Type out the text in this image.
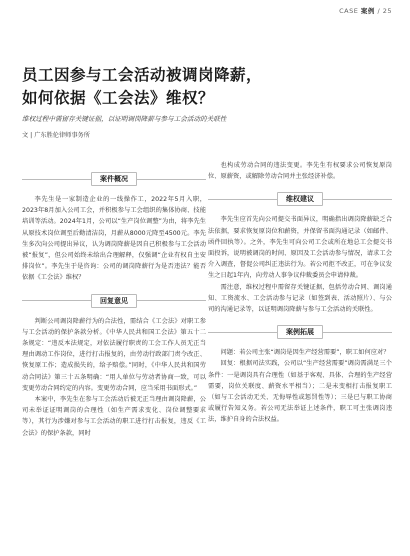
CASE 案例 / 25
员工因参与工会活动被调岗降薪，
如何依据《工会法》维权？
维权过程中需留存关键证据，以证明调岗降薪与参与工会活动的关联性
文 | 广东胜伦律师事务所
案件概况

李先生是一家制造企业的一线操作工，2022年5月入职，2023年8月加入公司工会，并积极参与工会组织的集体协商、技能培训等活动。2024年1月，公司以“生产岗位调整”为由，将李先生从原技术岗位调至后勤清洁岗，月薪从8000元降至4500元。李先生多次向公司提出异议，认为调岗降薪是因自己积极参与工会活动被“报复”，但公司始终未给出合理解释，仅强调“企业有权自主安排岗位”。李先生于是咨询：公司的调岗降薪行为是否违法？能否依据《工会法》维权？

回复意见

判断公司调岗降薪行为的合法性，需结合《工会法》对职工参与工会活动的保护条款分析。《中华人民共和国工会法》第五十二条规定：“违反本法规定，对依法履行职责的工会工作人员无正当理由调动工作岗位，进行打击报复的，由劳动行政部门责令改正、恢复原工作；造成损失的，给予赔偿。”同时，《中华人民共和国劳动合同法》第三十五条明确：“用人单位与劳动者协商一致，可以变更劳动合同约定的内容。变更劳动合同，应当采用书面形式。”

本案中，李先生在参与工会活动后被无正当理由调岗降薪，公司未举证证明调岗的合理性（如生产需求变化、岗位调整要求等），其行为涉嫌对参与工会活动的职工进行打击报复，违反《工会法》的保护条款，同时

也构成劳动合同的违法变更。李先生有权要求公司恢复原岗位、原薪资，或解除劳动合同并主张经济补偿。

维权建议

李先生应首先向公司提交书面异议，明确指出调岗降薪缺乏合法依据，要求恢复原岗位和薪资，并保留书面沟通记录（如邮件、函件回执等）。之外，李先生可向公司工会或所在地总工会提交书面投诉，说明被调岗的时间、原因及工会活动参与情况，请求工会介入调查，督促公司纠正违法行为。若公司拒不改正，可在争议发生之日起1年内，向劳动人事争议仲裁委员会申请仲裁。

需注意，维权过程中需留存关键证据，包括劳动合同、调岗通知、工资流水、工会活动参与记录（如签到表、活动照片）、与公司的沟通记录等，以证明调岗降薪与参与工会活动的关联性。

案例拓展

问题：若公司主张“调岗是因生产经营需要”，职工如何应对？

回复：根据司法实践，公司以“生产经营需要”调岗需满足三个条件：一是调岗具有合理性（如基于客观、具体、合理的生产经营需要，岗位关联度、薪资水平相当）；二是未变相打击报复职工（如与工会活动无关、无侮辱性或惩罚性等）；三是已与职工协商或履行告知义务。若公司无法举证上述条件，职工可主张调岗违法，维护自身的合法权益。
